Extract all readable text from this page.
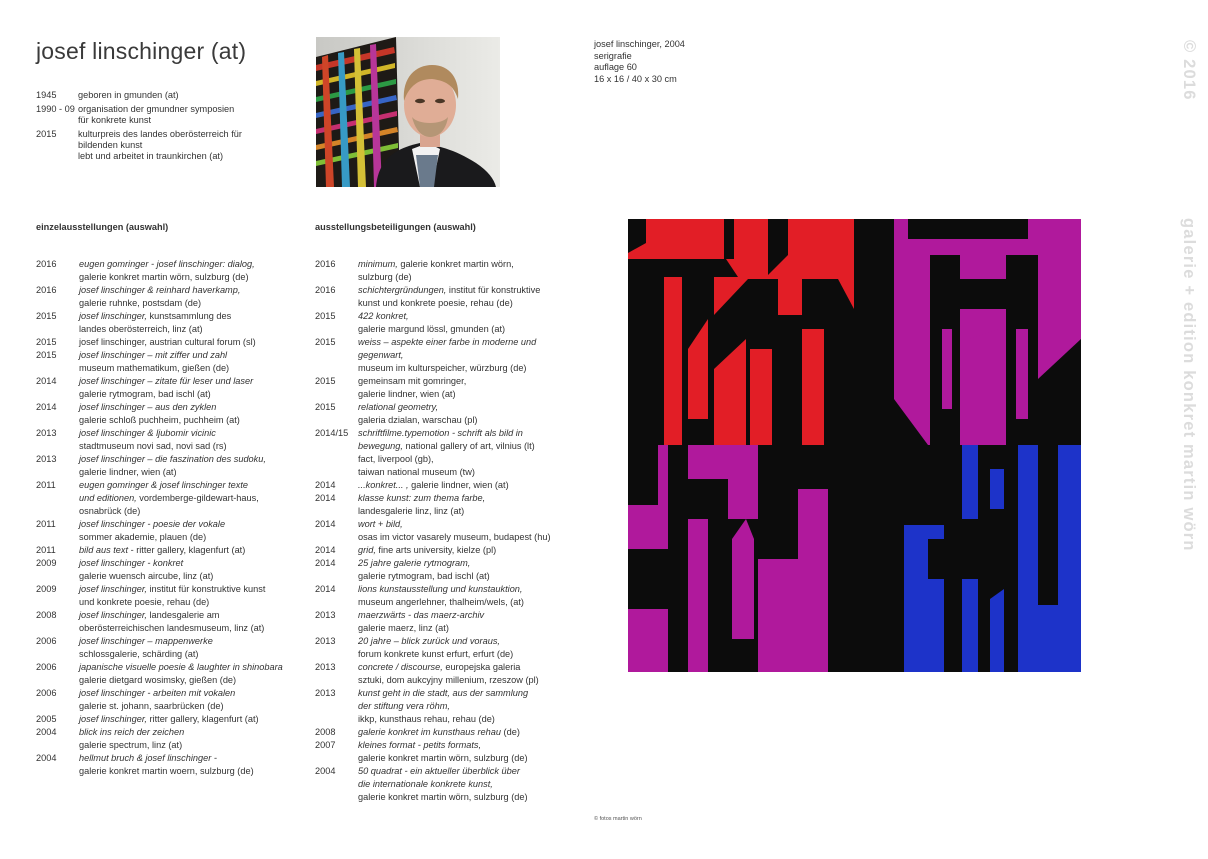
josef linschinger (at)
1945	geboren in gmunden (at)
1990 - 09 organisation der gmundner symposien
für konkrete kunst
2015	kulturpreis des landes oberösterreich für
bildenden kunst
lebt und arbeitet in traunkirchen (at)
josef linschinger, 2004
serigrafie
auflage 60
16 x 16 / 40 x 30 cm
einzelausstellungen (auswahl)	ausstellungsbeteiligungen (auswahl)
2016	eugen gomringer - josef linschinger: dialog,
galerie konkret martin wörn, sulzburg (de)
2016	josef linschinger & reinhard haverkamp,
galerie ruhnke, postsdam (de)
2015	josef linschinger, kunstsammlung des
landes oberösterreich, linz (at)
2015	josef linschinger, austrian cultural forum (sl)
2015	josef linschinger – mit ziffer und zahl
museum mathematikum, gießen (de)
2014	josef linschinger – zitate für leser und laser
galerie rytmogram, bad ischl (at)
2014	josef linschinger – aus den zyklen
galerie schloß puchheim, puchheim (at)
2013	josef linschinger & ljubomir vicinic
stadtmuseum novi sad, novi sad (rs)
2013	josef linschinger – die faszination des sudoku,
galerie lindner, wien (at)
2011	eugen gomringer & josef linschinger texte
und editionen, vordemberge-gildewart-haus,
osnabrück (de)
2011	josef linschinger - poesie der vokale
sommer akademie, plauen (de)
2011	bild aus text - ritter gallery, klagenfurt (at)
2009	josef linschinger - konkret
galerie wuensch aircube, linz (at)
2009	josef linschinger, institut für konstruktive kunst
und konkrete poesie, rehau (de)
2008	josef linschinger, landesgalerie am
oberösterreichischen landesmuseum, linz (at)
2006	josef linschinger – mappenwerke
schlossgalerie, schärding (at)
2006	japanische visuelle poesie & laughter in shinobara
galerie dietgard wosimsky, gießen (de)
2006	josef linschinger - arbeiten mit vokalen
galerie st. johann, saarbrücken (de)
2005	josef linschinger, ritter gallery, klagenfurt (at)
2004	blick ins reich der zeichen
galerie spectrum, linz (at)
2004	hellmut bruch & josef linschinger -
galerie konkret martin woern, sulzburg (de)
2016	minimum, galerie konkret martin wörn,
sulzburg (de)
2016	schichtergründungen, institut für konstruktive
kunst und konkrete poesie, rehau (de)
2015	422 konkret,
galerie margund lössl, gmunden (at)
2015	weiss – aspekte einer farbe in moderne und
gegenwart,
museum im kulturspeicher, würzburg (de)
2015	gemeinsam mit gomringer,
galerie lindner, wien (at)
2015	relational geometry,
galeria dzialan, warschau (pl)
2014/15	schriftfilme.typemotion - schrift als bild in
bewegung, national gallery of art, vilnius (lt)
fact, liverpool (gb),
taiwan national museum (tw)
2014	...konkret... , galerie lindner, wien (at)
2014	klasse kunst: zum thema farbe,
landesgalerie linz, linz (at)
2014	wort + bild,
osas im victor vasarely museum, budapest (hu)
2014	grid, fine arts university, kielze (pl)
2014	25 jahre galerie rytmogram,
galerie rytmogram, bad ischl (at)
2014	lions kunstausstellung und kunstauktion,
museum angerlehner, thalheim/wels, (at)
2013	maerzwärts - das maerz-archiv
galerie maerz, linz (at)
2013	20 jahre – blick zurück und voraus,
forum konkrete kunst erfurt, erfurt (de)
2013	concrete / discourse, europejska galeria
sztuki, dom aukcyjny millenium, rzeszow (pl)
2013	kunst geht in die stadt, aus der sammlung
der stiftung vera röhm,
ikkp, kunsthaus rehau, rehau (de)
2008	galerie konkret im kunsthaus rehau (de)
2007	kleines format - petits formats,
galerie konkret martin wörn, sulzburg (de)
2004	50 quadrat - ein aktueller überblick über
die internationale konkrete kunst,
galerie konkret martin wörn, sulzburg (de)
© fotos martin wörn
© 2016
galerie + edition konkret martin wörn
